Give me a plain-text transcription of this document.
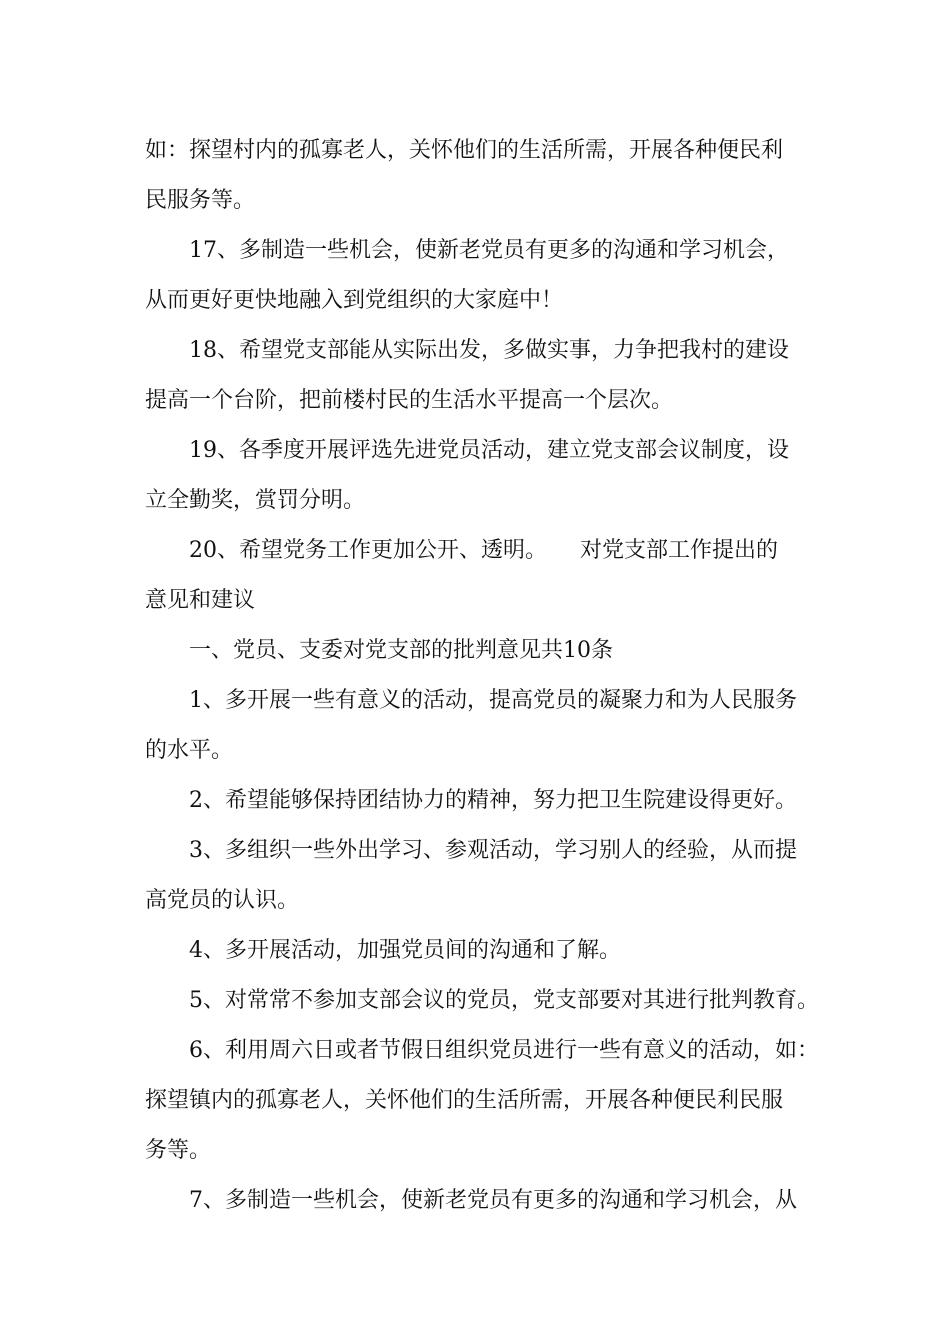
如：探望村内的孤寡老人，关怀他们的生活所需，开展各种便民利

民服务等。

17、多制造一些机会，使新老党员有更多的沟通和学习机会，

从而更好更快地融入到党组织的大家庭中！

18、希望党支部能从实际出发，多做实事，力争把我村的建设

提高一个台阶，把前楼村民的生活水平提高一个层次。

19、各季度开展评选先进党员活动，建立党支部会议制度，设

立全勤奖，赏罚分明。

20、希望党务工作更加公开、透明。　　对党支部工作提出的

意见和建议

一、党员、支委对党支部的批判意见共10条

1、多开展一些有意义的活动，提高党员的凝聚力和为人民服务

的水平。

2、希望能够保持团结协力的精神，努力把卫生院建设得更好。

3、多组织一些外出学习、参观活动，学习别人的经验，从而提

高党员的认识。

4、多开展活动，加强党员间的沟通和了解。

5、对常常不参加支部会议的党员，党支部要对其进行批判教育。

6、利用周六日或者节假日组织党员进行一些有意义的活动，如：

探望镇内的孤寡老人，关怀他们的生活所需，开展各种便民利民服

务等。

7、多制造一些机会，使新老党员有更多的沟通和学习机会，从
